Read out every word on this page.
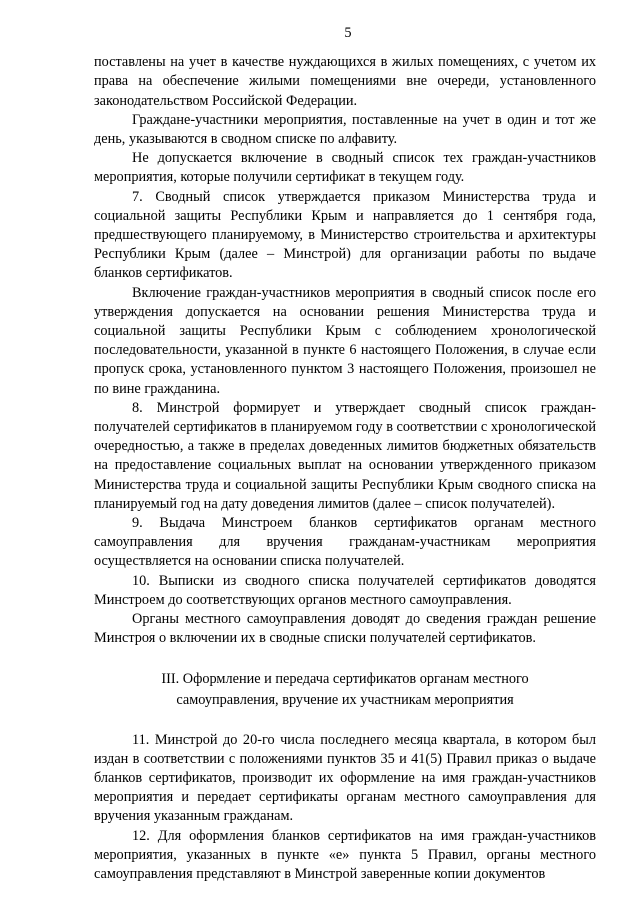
5

поставлены на учет в качестве нуждающихся в жилых помещениях, с учетом их права на обеспечение жилыми помещениями вне очереди, установленного законодательством Российской Федерации.

Граждане-участники мероприятия, поставленные на учет в один и тот же день, указываются в сводном списке по алфавиту.

Не допускается включение в сводный список тех граждан-участников мероприятия, которые получили сертификат в текущем году.

7. Сводный список утверждается приказом Министерства труда и социальной защиты Республики Крым и направляется до 1 сентября года, предшествующего планируемому, в Министерство строительства и архитектуры Республики Крым (далее – Минстрой) для организации работы по выдаче бланков сертификатов.

Включение граждан-участников мероприятия в сводный список после его утверждения допускается на основании решения Министерства труда и социальной защиты Республики Крым с соблюдением хронологической последовательности, указанной в пункте 6 настоящего Положения, в случае если пропуск срока, установленного пунктом 3 настоящего Положения, произошел не по вине гражданина.

8. Минстрой формирует и утверждает сводный список граждан-получателей сертификатов в планируемом году в соответствии с хронологической очередностью, а также в пределах доведенных лимитов бюджетных обязательств на предоставление социальных выплат на основании утвержденного приказом Министерства труда и социальной защиты Республики Крым сводного списка на планируемый год на дату доведения лимитов (далее – список получателей).

9. Выдача Минстроем бланков сертификатов органам местного самоуправления для вручения гражданам-участникам мероприятия осуществляется на основании списка получателей.

10. Выписки из сводного списка получателей сертификатов доводятся Минстроем до соответствующих органов местного самоуправления.

Органы местного самоуправления доводят до сведения граждан решение Минстроя о включении их в сводные списки получателей сертификатов.

III. Оформление и передача сертификатов органам местного
самоуправления, вручение их участникам мероприятия

11. Минстрой до 20-го числа последнего месяца квартала, в котором был издан в соответствии с положениями пунктов 35 и 41(5) Правил приказ о выдаче бланков сертификатов, производит их оформление на имя граждан-участников мероприятия и передает сертификаты органам местного самоуправления для вручения указанным гражданам.

12. Для оформления бланков сертификатов на имя граждан-участников мероприятия, указанных в пункте «е» пункта 5 Правил, органы местного самоуправления представляют в Минстрой заверенные копии документов
